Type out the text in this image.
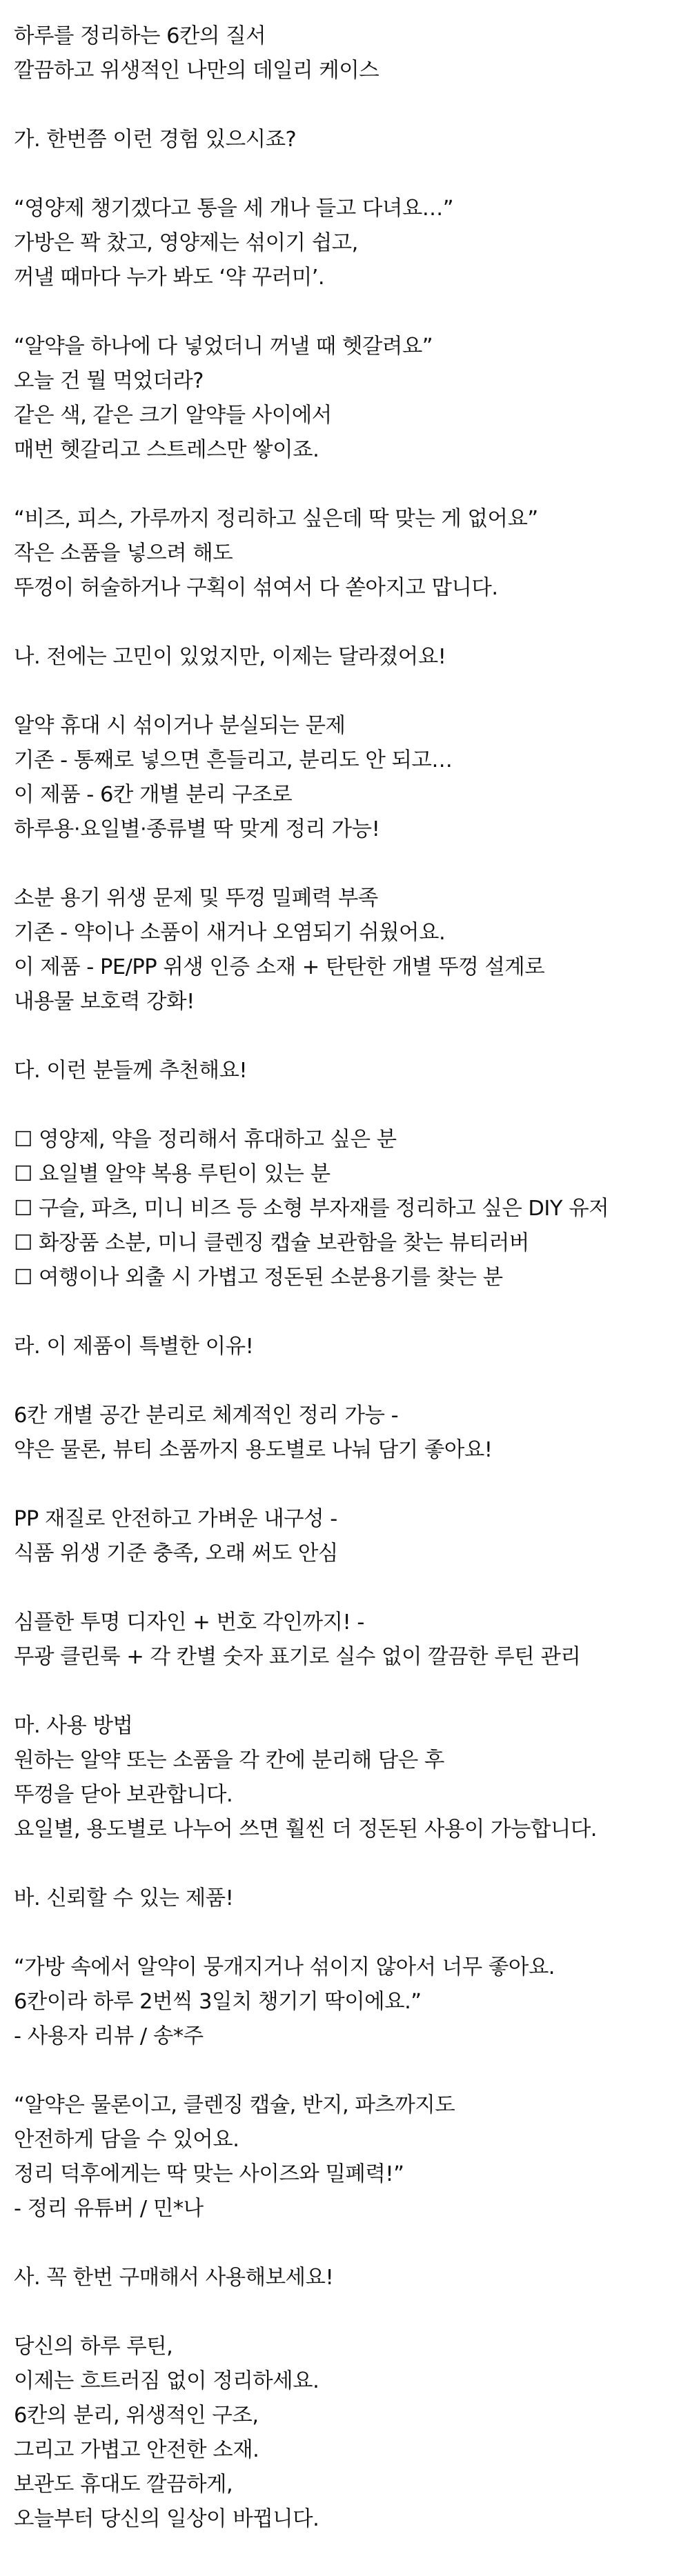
하루를 정리하는 6칸의 질서
깔끔하고 위생적인 나만의 데일리 케이스
가. 한번쯤 이런 경험 있으시죠?
“영양제 챙기겠다고 통을 세 개나 들고 다녀요…”
가방은 꽉 찼고, 영양제는 섞이기 쉽고,
꺼낼 때마다 누가 봐도 ‘약 꾸러미’.
“알약을 하나에 다 넣었더니 꺼낼 때 헷갈려요”
오늘 건 뭘 먹었더라?
같은 색, 같은 크기 알약들 사이에서
매번 헷갈리고 스트레스만 쌓이죠.
“비즈, 피스, 가루까지 정리하고 싶은데 딱 맞는 게 없어요”
작은 소품을 넣으려 해도
뚜껑이 허술하거나 구획이 섞여서 다 쏟아지고 맙니다.
나. 전에는 고민이 있었지만, 이제는 달라졌어요!
알약 휴대 시 섞이거나 분실되는 문제
기존 - 통째로 넣으면 흔들리고, 분리도 안 되고…
이 제품 - 6칸 개별 분리 구조로
하루용·요일별·종류별 딱 맞게 정리 가능!
소분 용기 위생 문제 및 뚜껑 밀폐력 부족
기존 - 약이나 소품이 새거나 오염되기 쉬웠어요.
이 제품 - PE/PP 위생 인증 소재 + 탄탄한 개별 뚜껑 설계로
내용물 보호력 강화!
다. 이런 분들께 추천해요!
☐ 영양제, 약을 정리해서 휴대하고 싶은 분
☐ 요일별 알약 복용 루틴이 있는 분
☐ 구슬, 파츠, 미니 비즈 등 소형 부자재를 정리하고 싶은 DIY 유저
☐ 화장품 소분, 미니 클렌징 캡슐 보관함을 찾는 뷰티러버
☐ 여행이나 외출 시 가볍고 정돈된 소분용기를 찾는 분
라. 이 제품이 특별한 이유!
6칸 개별 공간 분리로 체계적인 정리 가능 -
약은 물론, 뷰티 소품까지 용도별로 나눠 담기 좋아요!
PP 재질로 안전하고 가벼운 내구성 -
식품 위생 기준 충족, 오래 써도 안심
심플한 투명 디자인 + 번호 각인까지! -
무광 클린룩 + 각 칸별 숫자 표기로 실수 없이 깔끔한 루틴 관리
마. 사용 방법
원하는 알약 또는 소품을 각 칸에 분리해 담은 후
뚜껑을 닫아 보관합니다.
요일별, 용도별로 나누어 쓰면 훨씬 더 정돈된 사용이 가능합니다.
바. 신뢰할 수 있는 제품!
“가방 속에서 알약이 뭉개지거나 섞이지 않아서 너무 좋아요.
6칸이라 하루 2번씩 3일치 챙기기 딱이에요.”
- 사용자 리뷰 / 송*주
“알약은 물론이고, 클렌징 캡슐, 반지, 파츠까지도
안전하게 담을 수 있어요.
정리 덕후에게는 딱 맞는 사이즈와 밀폐력!”
- 정리 유튜버 / 민*나
사. 꼭 한번 구매해서 사용해보세요!
당신의 하루 루틴,
이제는 흐트러짐 없이 정리하세요.
6칸의 분리, 위생적인 구조,
그리고 가볍고 안전한 소재.
보관도 휴대도 깔끔하게,
오늘부터 당신의 일상이 바뀝니다.
